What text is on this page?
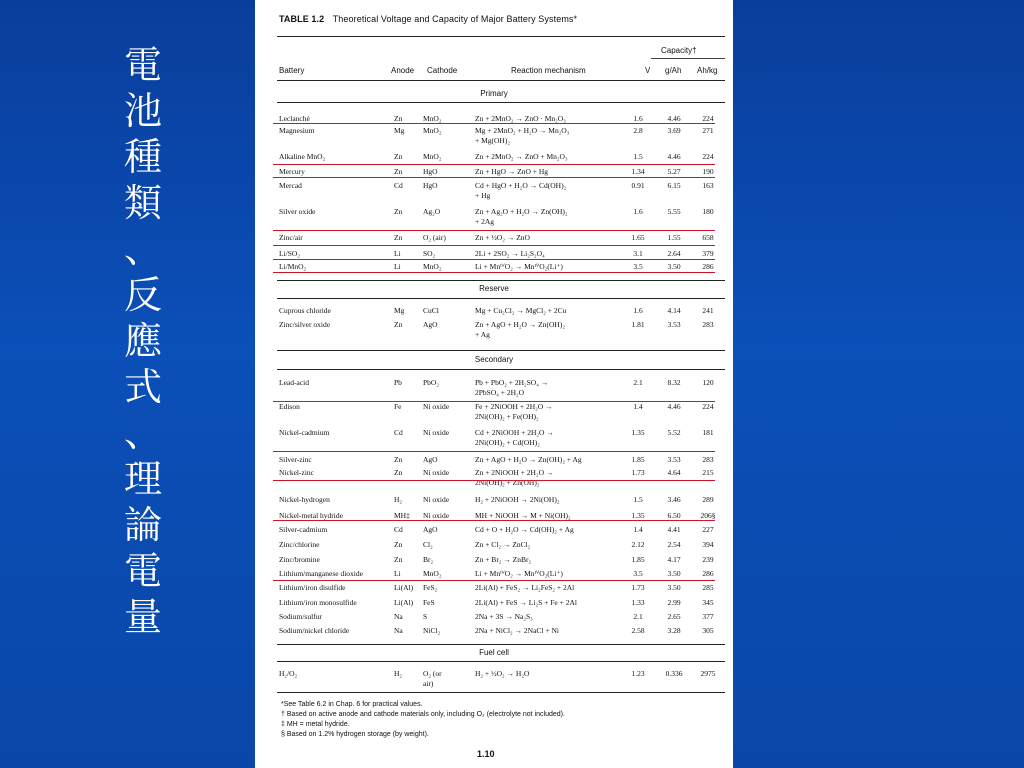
電
池
種
類
、
反
應
式
、
理
論
電
量
TABLE 1.2 Theoretical Voltage and Capacity of Major Battery Systems*
Capacity†
Battery	Anode Cathode	Reaction mechanism	V g/Ah Ah/kg
Primary
Leclanché	Zn	MnO₂	Zn + 2MnO₂ → ZnO · Mn₂O₃	1.6	4.46	224
Magnesium	Mg MnO₂	Mg + 2MnO₂ + H₂O → Mn₂O₃	2.8	3.69	271
+ Mg(OH)₂
Alkaline MnO₂	Zn	MnO₂	Zn + 2MnO₂ → ZnO + Mn₂O₃	1.5	4.46	224
Mercury	Zn	HgO	Zn + HgO → ZnO + Hg	1.34	5.27	190
Mercad	Cd	HgO	Cd + HgO + H₂O → Cd(OH)₂	0.91	6.15	163
+ Hg
Silver oxide	Zn	Ag₂O	Zn + Ag₂O + H₂O → Zn(OH)₂	1.6	5.55	180
+ 2Ag
Zinc/air	Zn	O₂ (air)	Zn + ½O₂ → ZnO	1.65	1.55	658
Li/SO₂	Li	SO₂	2Li + 2SO₂ → Li₂S₂O₄	3.1	2.64	379
Li/MnO₂	Li	MnO₂	Li + MnᴵⱽO₂ → MnᴵⱽO₂(Li⁺)	3.5	3.50	286
Cuprous chloride	Mg CuCl	Mg + Cu₂Cl₂ → MgCl₂ + 2Cu	1.6	4.14	241
Zinc/silver oxide	Zn	AgO	Zn + AgO + H₂O → Zn(OH)₂	1.81	3.53	283
+ Ag
Lead-acid	Pb	PbO₂	Pb + PbO₂ + 2H₂SO₄ →	2.1	8.32	120
2PbSO₄ + 2H₂O
Edison	Fe	Ni oxide	Fe + 2NiOOH + 2H₂O →	1.4	4.46	224
2Ni(OH)₂ + Fe(OH)₂
Nickel-cadmium	Cd	Ni oxide	Cd + 2NiOOH + 2H₂O →	1.35	5.52	181
2Ni(OH)₂ + Cd(OH)₂
Silver-zinc	Zn	AgO	Zn + AgO + H₂O → Zn(OH)₂ + Ag	1.85	3.53	283
Nickel-zinc	Zn	Ni oxide	Zn + 2NiOOH + 2H₂O →	1.73	4.64	215
2Ni(OH)₂ + Zn(OH)₂
Nickel-hydrogen	H₂	Ni oxide	H₂ + 2NiOOH → 2Ni(OH)₂	1.5	3.46	289
Nickel-metal hydride	MH‡ Ni oxide	MH + NiOOH → M + Ni(OH)₂	1.35	6.50	206§
Silver-cadmium	Cd	AgO	Cd + O + H₂O → Cd(OH)₂ + Ag	1.4	4.41	227
Zinc/chlorine	Zn	Cl₂	Zn + Cl₂ → ZnCl₂	2.12	2.54	394
Zinc/bromine	Zn	Br₂	Zn + Br₂ → ZnBr₂	1.85	4.17	239
Lithium/manganese dioxide	Li	MnO₂	Li + MnᴵⱽO₂ → MnᴵⱽO₂(Li⁺)	3.5	3.50	286
Lithium/iron disulfide	Li(Al) FeS₂	2Li(Al) + FeS₂ → Li₂FeS₂ + 2Al	1.73	3.50	285
Lithium/iron monosulfide	Li(Al) FeS	2Li(Al) + FeS → Li₂S + Fe + 2Al	1.33	2.99	345
Sodium/sulfur	Na	S	2Na + 3S → Na₂S₃	2.1	2.65	377
Sodium/nickel chloride	Na	NiCl₂	2Na + NiCl₂ → 2NaCl + Ni	2.58	3.28	305
H₂/O₂	H₂	O₂ (or	H₂ + ½O₂ → H₂O	1.23	0.336	2975
air)
Reserve
Secondary
Fuel cell
*See Table 6.2 in Chap. 6 for practical values.
† Based on active anode and cathode materials only, including O₂ (electrolyte not included).
‡ MH = metal hydride.
§ Based on 1.2% hydrogen storage (by weight).
1.10
